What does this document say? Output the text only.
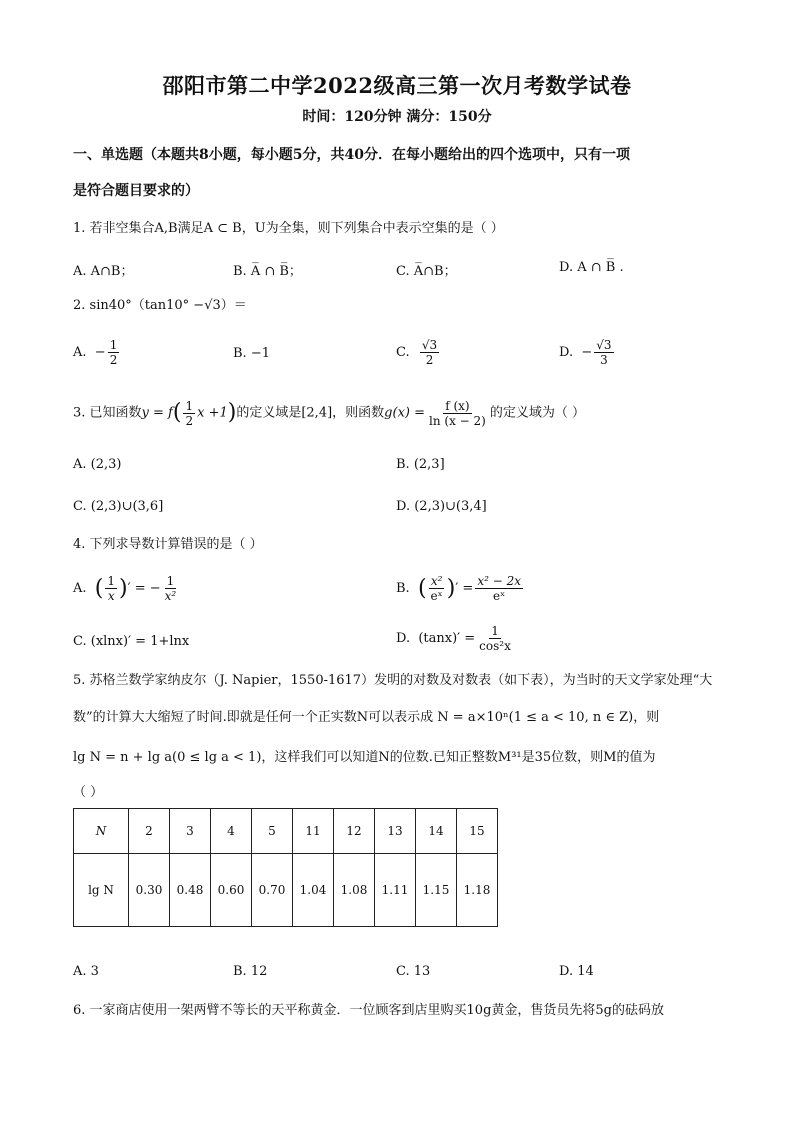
邵阳市第二中学2022级高三第一次月考数学试卷
时间：120分钟 满分：150分
一、单选题（本题共8小题，每小题5分，共40分．在每小题给出的四个选项中，只有一项
是符合题目要求的）
1. 若非空集合A,B满足A ⊂ B，U为全集，则下列集合中表示空集的是（ ）
A. A∩B；	B. A̅ ∩ B̅；	C. A̅∩B；	D. A ∩ B̅ .
2. sin40°（tan10° −√3）＝
A. − $\frac{1}{2}$	B. −1	C. $\frac{√3}{2}$	D. − $\frac{√3}{3}$
3. 已知函数$y = f( \frac{1}{2}$ x +1)的定义域是[2,4]，则函数$g(x) = \frac{f (x)}{\ln (x - 2)}$ 的定义域为（ ）
A. (2,3)	B. (2,3]
C. (2,3)∪(3,6]	D. (2,3)∪(3,4]
4. 下列求导数计算错误的是（ ）
A. ( $\frac{1}{x}$ )′ = − $\frac{1}{\text{x²}}$	B. ( $\frac{\text{x²}}{\text{eˣ}}$ )′ = $\frac{\text{x² − 2x}}{\text{eˣ}}$
C. (xlnx)′ = 1+lnx	D. $(\tan x)' = \frac{1}{\text{cos²x}}$
5. 苏格兰数学家纳皮尔（J. Napier，1550-1617）发明的对数及对数表（如下表），为当时的天文学家处理“大
数”的计算大大缩短了时间.即就是任何一个正实数N可以表示成 N = a×10ⁿ(1 ≤ a < 10, n ∈ Z)，则
lg N = n + lg a(0 ≤ lg a < 1)，这样我们可以知道N的位数.已知正整数M³¹是35位数，则M的值为
（ ）
N	2	3	4	5	11	12	13	14	15
lg N	0.30	0.48	0.60	0.70	1.04	1.08	1.11	1.15	1.18
A. 3	B. 12	C. 13	D. 14
6. 一家商店使用一架两臂不等长的天平称黄金．一位顾客到店里购买10g黄金，售货员先将5g的砝码放
